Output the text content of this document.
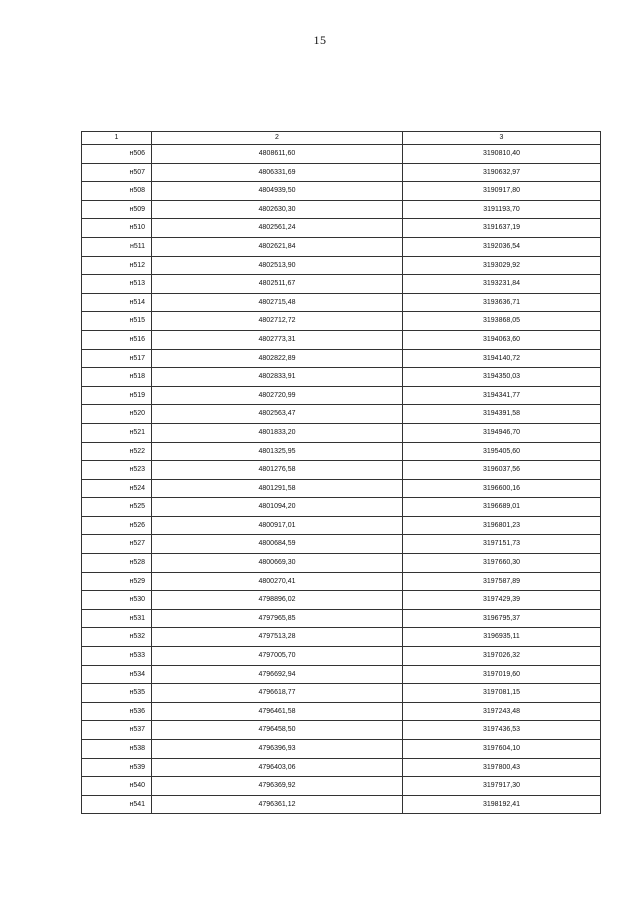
15
1	2	3
н506	4808611,60	3190810,40
н507	4806331,69	3190632,97
н508	4804939,50	3190917,80
н509	4802630,30	3191193,70
н510	4802561,24	3191637,19
н511	4802621,84	3192036,54
н512	4802513,90	3193029,92
н513	4802511,67	3193231,84
н514	4802715,48	3193636,71
н515	4802712,72	3193868,05
н516	4802773,31	3194063,60
н517	4802822,89	3194140,72
н518	4802833,91	3194350,03
н519	4802720,99	3194341,77
н520	4802563,47	3194391,58
н521	4801833,20	3194946,70
н522	4801325,95	3195405,60
н523	4801276,58	3196037,56
н524	4801291,58	3196600,16
н525	4801094,20	3196689,01
н526	4800917,01	3196801,23
н527	4800684,59	3197151,73
н528	4800669,30	3197660,30
н529	4800270,41	3197587,89
н530	4798896,02	3197429,39
н531	4797965,85	3196795,37
н532	4797513,28	3196935,11
н533	4797005,70	3197026,32
н534	4796692,94	3197019,60
н535	4796618,77	3197081,15
н536	4796461,58	3197243,48
н537	4796458,50	3197436,53
н538	4796396,93	3197604,10
н539	4796403,06	3197800,43
н540	4796369,92	3197917,30
н541	4796361,12	3198192,41
